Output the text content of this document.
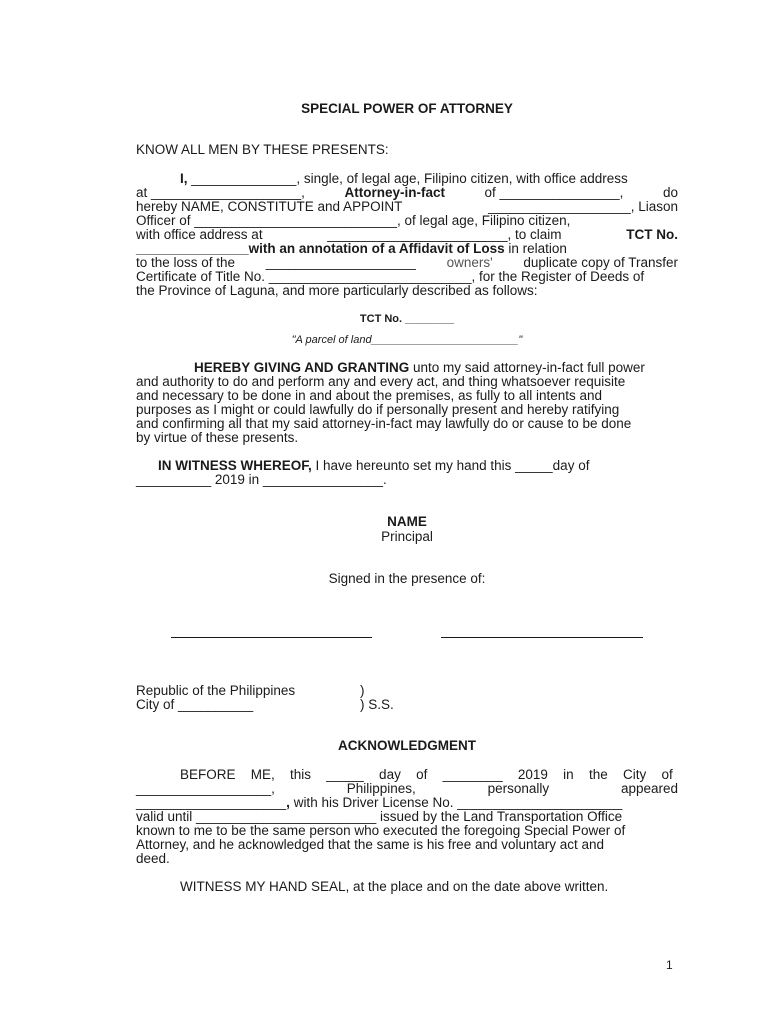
SPECIAL POWER OF ATTORNEY
KNOW ALL MEN BY THESE PRESENTS:
I, ______________, single, of legal age, Filipino citizen, with office address
at ____________________,	Attorney-in-fact	of ________________,	do
hereby NAME, CONSTITUTE and APPOINT	___________________, Liason
Officer of ___________________________, of legal age, Filipino citizen,
with office address at	________________________, to claim	TCT No.
_______________with an annotation of a Affidavit of Loss in relation
to the loss of the ____________________ owners' duplicate copy of Transfer
Certificate of Title No. ___________________________, for the Register of Deeds of
the Province of Laguna, and more particularly described as follows:
TCT No. ________
"A parcel of land________________________"
HEREBY GIVING AND GRANTING unto my said attorney-in-fact full power
and authority to do and perform any and every act, and thing whatsoever requisite
and necessary to be done in and about the premises, as fully to all intents and
purposes as I might or could lawfully do if personally present and hereby ratifying
and confirming all that my said attorney-in-fact may lawfully do or cause to be done
by virtue of these presents.
IN WITNESS WHEREOF, I have hereunto set my hand this _____day of
__________ 2019 in ________________.
NAME
Principal
Signed in the presence of:
Republic of the Philippines	)
City of __________	) S.S.
ACKNOWLEDGMENT
BEFORE ME, this _____ day of ________ 2019 in the City of
__________________,	Philippines,	personally	appeared
____________________, with his Driver License No. ______________________
valid until ________________________ issued by the Land Transportation Office
known to me to be the same person who executed the foregoing Special Power of
Attorney, and he acknowledged that the same is his free and voluntary act and
deed.
WITNESS MY HAND SEAL, at the place and on the date above written.
1
